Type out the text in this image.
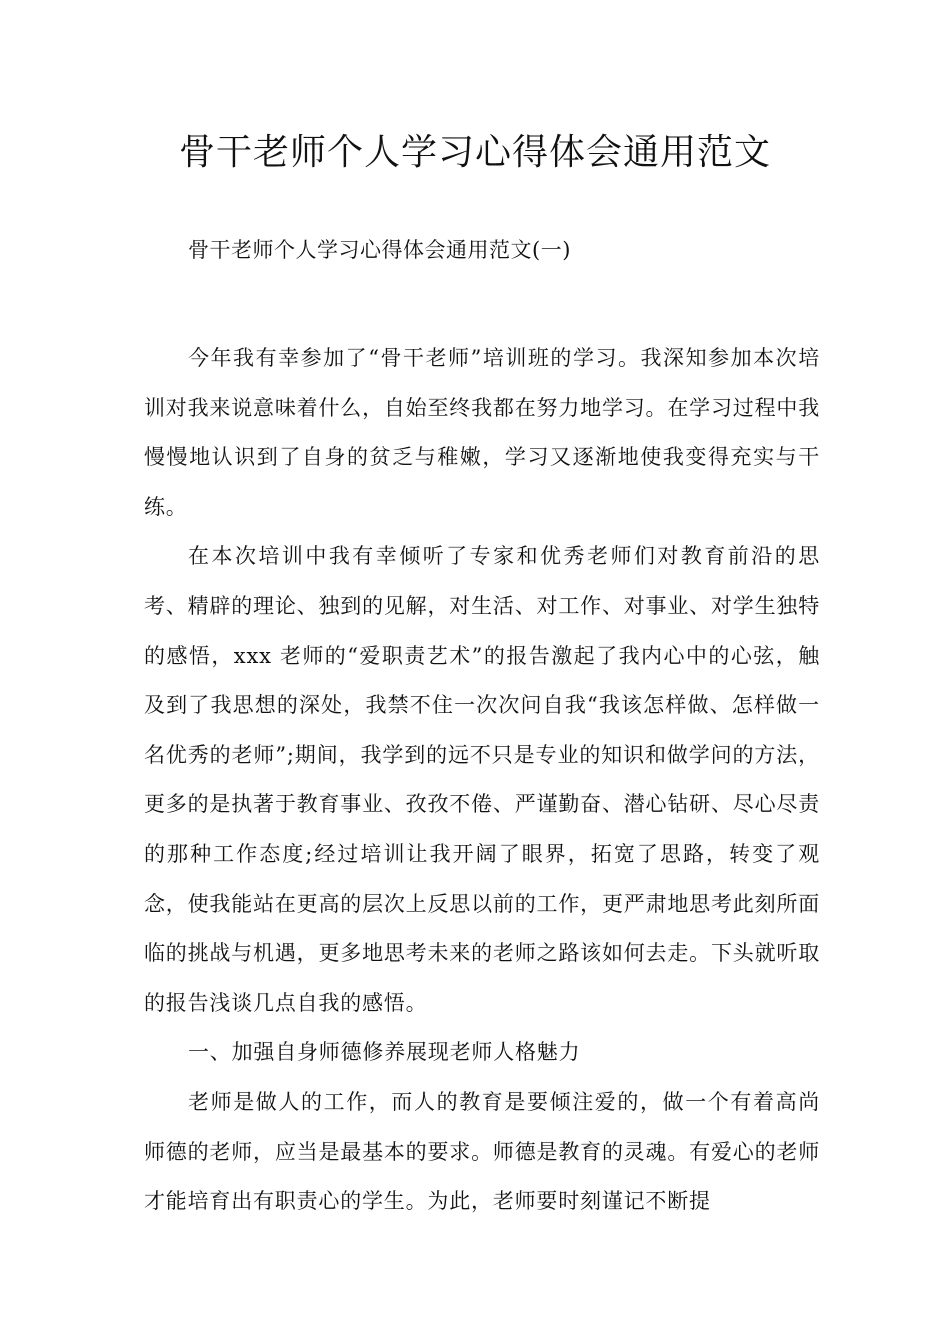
骨干老师个人学习心得体会通用范文

骨干老师个人学习心得体会通用范文(一)

今年我有幸参加了“骨干老师”培训班的学习。我深知参加本次培训对我来说意味着什么，自始至终我都在努力地学习。在学习过程中我慢慢地认识到了自身的贫乏与稚嫩，学习又逐渐地使我变得充实与干练。

在本次培训中我有幸倾听了专家和优秀老师们对教育前沿的思考、精辟的理论、独到的见解，对生活、对工作、对事业、对学生独特的感悟，xxx 老师的“爱职责艺术”的报告激起了我内心中的心弦，触及到了我思想的深处，我禁不住一次次问自我“我该怎样做、怎样做一名优秀的老师”;期间，我学到的远不只是专业的知识和做学问的方法，更多的是执著于教育事业、孜孜不倦、严谨勤奋、潜心钻研、尽心尽责的那种工作态度;经过培训让我开阔了眼界，拓宽了思路，转变了观念，使我能站在更高的层次上反思以前的工作，更严肃地思考此刻所面临的挑战与机遇，更多地思考未来的老师之路该如何去走。下头就听取的报告浅谈几点自我的感悟。

一、加强自身师德修养展现老师人格魅力

老师是做人的工作，而人的教育是要倾注爱的，做一个有着高尚师德的老师，应当是最基本的要求。师德是教育的灵魂。有爱心的老师才能培育出有职责心的学生。为此，老师要时刻谨记不断提
